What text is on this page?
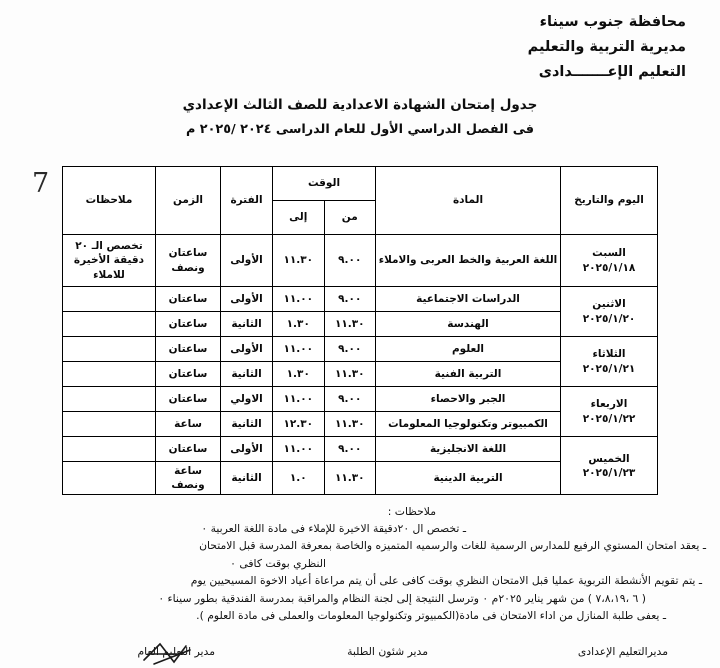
محافظة جنوب سيناء
مديرية التربية والتعليم
التعليم الإعـــــــدادى
جدول إمتحان الشهادة الاعدادية للصف الثالث الإعدادي
فى الفصل الدراسي الأول للعام الدراسى ٢٠٢٤ /٢٠٢٥ م
7
اليوم والتاريخ	المادة	الوقت		الفترة	الزمن	ملاحظات
		من	إلى			
السبت
٢٠٢٥/١/١٨	اللغة العربية والخط العربى والاملاء	٩.٠٠	١١.٣٠	الأولى	ساعتان ونصف	تخصص الـ ٢٠ دقيقة الأخيرة للاملاء
الاثنين
٢٠٢٥/١/٢٠	الدراسات الاجتماعية	٩.٠٠	١١.٠٠	الأولى	ساعتان	
	الهندسة	١١.٣٠	١.٣٠	الثانية	ساعتان	
الثلاثاء
٢٠٢٥/١/٢١	العلوم	٩.٠٠	١١.٠٠	الأولى	ساعتان	
	التربية الفنية	١١.٣٠	١.٣٠	الثانية	ساعتان	
الاربعاء
٢٠٢٥/١/٢٢	الجبر والاحصاء	٩.٠٠	١١.٠٠	الاولي	ساعتان	
	الكمبيوتر وتكنولوجيا المعلومات	١١.٣٠	١٢.٣٠	الثانية	ساعة	
الخميس
٢٠٢٥/١/٢٣	اللغة الانجليزية	٩.٠٠	١١.٠٠	الأولى	ساعتان	
	التربية الدينية	١١.٣٠	١.٠	الثانية	ساعة ونصف	
ملاحظات :
ـ تخصص ال ٢٠دقيقة الاخيرة للإملاء فى مادة اللغة العربية ٠
ـ يعقد امتحان المستوي الرفيع للمدارس الرسمية للغات والرسميه المتميزه والخاصة بمعرفة المدرسة قبل الامتحان
النظري بوقت كافى ٠
ـ يتم تقويم الأنشطة التربوية عمليا قبل الامتحان النظري بوقت كافى على أن يتم مراعاة أعياد الاخوة المسيحيين يوم
( ٦ ،٧،٨،١٩ ) من شهر يناير ٢٠٢٥م ٠ وترسل النتيجة إلى لجنة النظام والمراقبة بمدرسة الفندقية بطور سيناء ٠
ـ يعفى طلبة المنازل من اداء الامتحان فى مادة(الكمبيوتر وتكنولوجيا المعلومات والعملى فى مادة العلوم ).
مديرالتعليم الإعدادى
مدير شئون الطلبة
مدير التعليم العام
